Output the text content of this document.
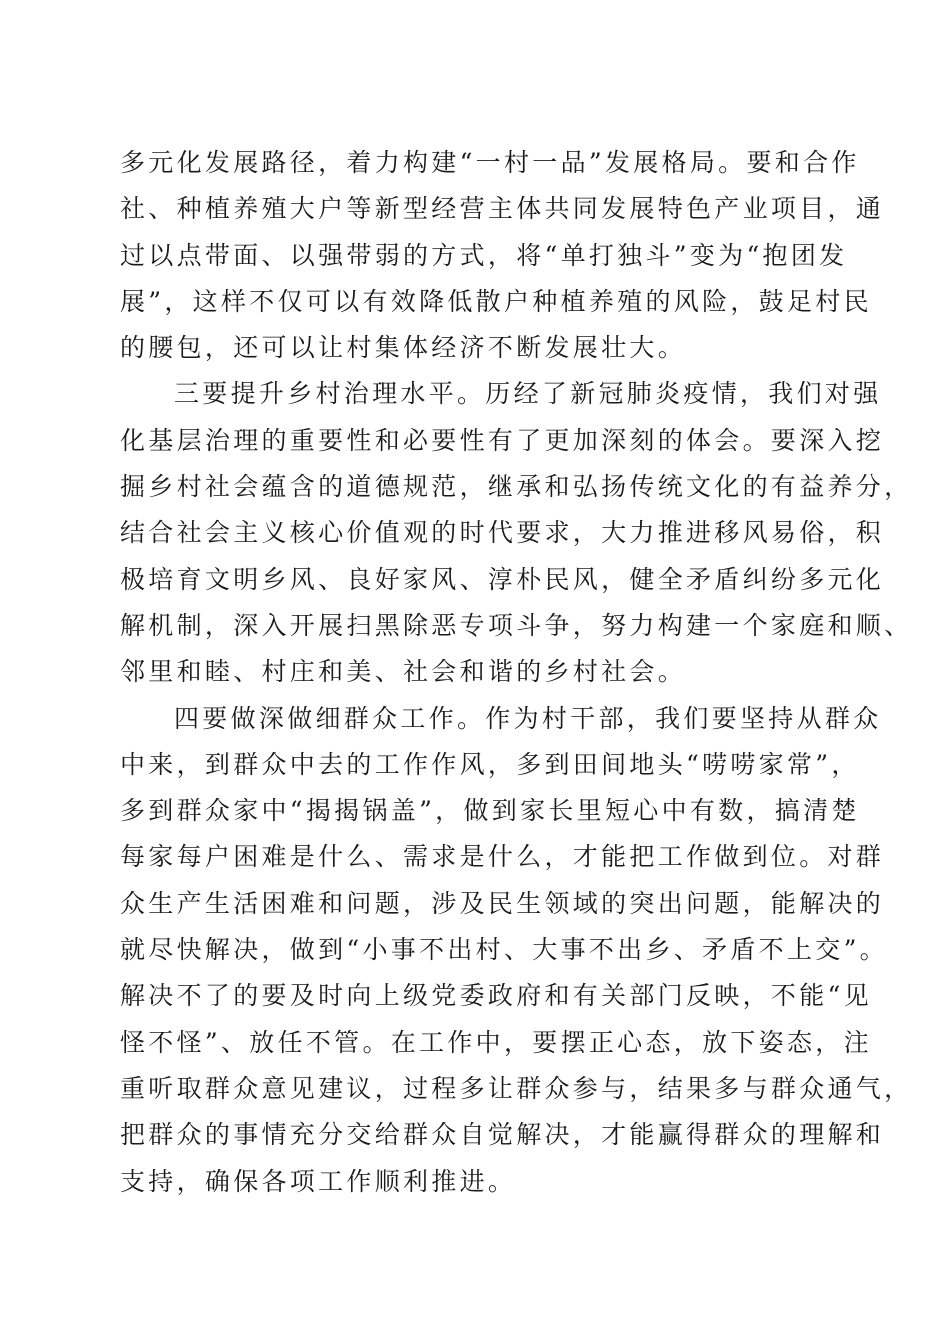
多元化发展路径，着力构建“一村一品”发展格局。要和合作
社、种植养殖大户等新型经营主体共同发展特色产业项目，通
过以点带面、以强带弱的方式，将“单打独斗”变为“抱团发
展”，这样不仅可以有效降低散户种植养殖的风险，鼓足村民
的腰包，还可以让村集体经济不断发展壮大。
三要提升乡村治理水平。历经了新冠肺炎疫情，我们对强
化基层治理的重要性和必要性有了更加深刻的体会。要深入挖
掘乡村社会蕴含的道德规范，继承和弘扬传统文化的有益养分，
结合社会主义核心价值观的时代要求，大力推进移风易俗，积
极培育文明乡风、良好家风、淳朴民风，健全矛盾纠纷多元化
解机制，深入开展扫黑除恶专项斗争，努力构建一个家庭和顺、
邻里和睦、村庄和美、社会和谐的乡村社会。
四要做深做细群众工作。作为村干部，我们要坚持从群众
中来，到群众中去的工作作风，多到田间地头“唠唠家常”，
多到群众家中“揭揭锅盖”，做到家长里短心中有数，搞清楚
每家每户困难是什么、需求是什么，才能把工作做到位。对群
众生产生活困难和问题，涉及民生领域的突出问题，能解决的
就尽快解决，做到“小事不出村、大事不出乡、矛盾不上交”。
解决不了的要及时向上级党委政府和有关部门反映，不能“见
怪不怪”、放任不管。在工作中，要摆正心态，放下姿态，注
重听取群众意见建议，过程多让群众参与，结果多与群众通气，
把群众的事情充分交给群众自觉解决，才能赢得群众的理解和
支持，确保各项工作顺利推进。
